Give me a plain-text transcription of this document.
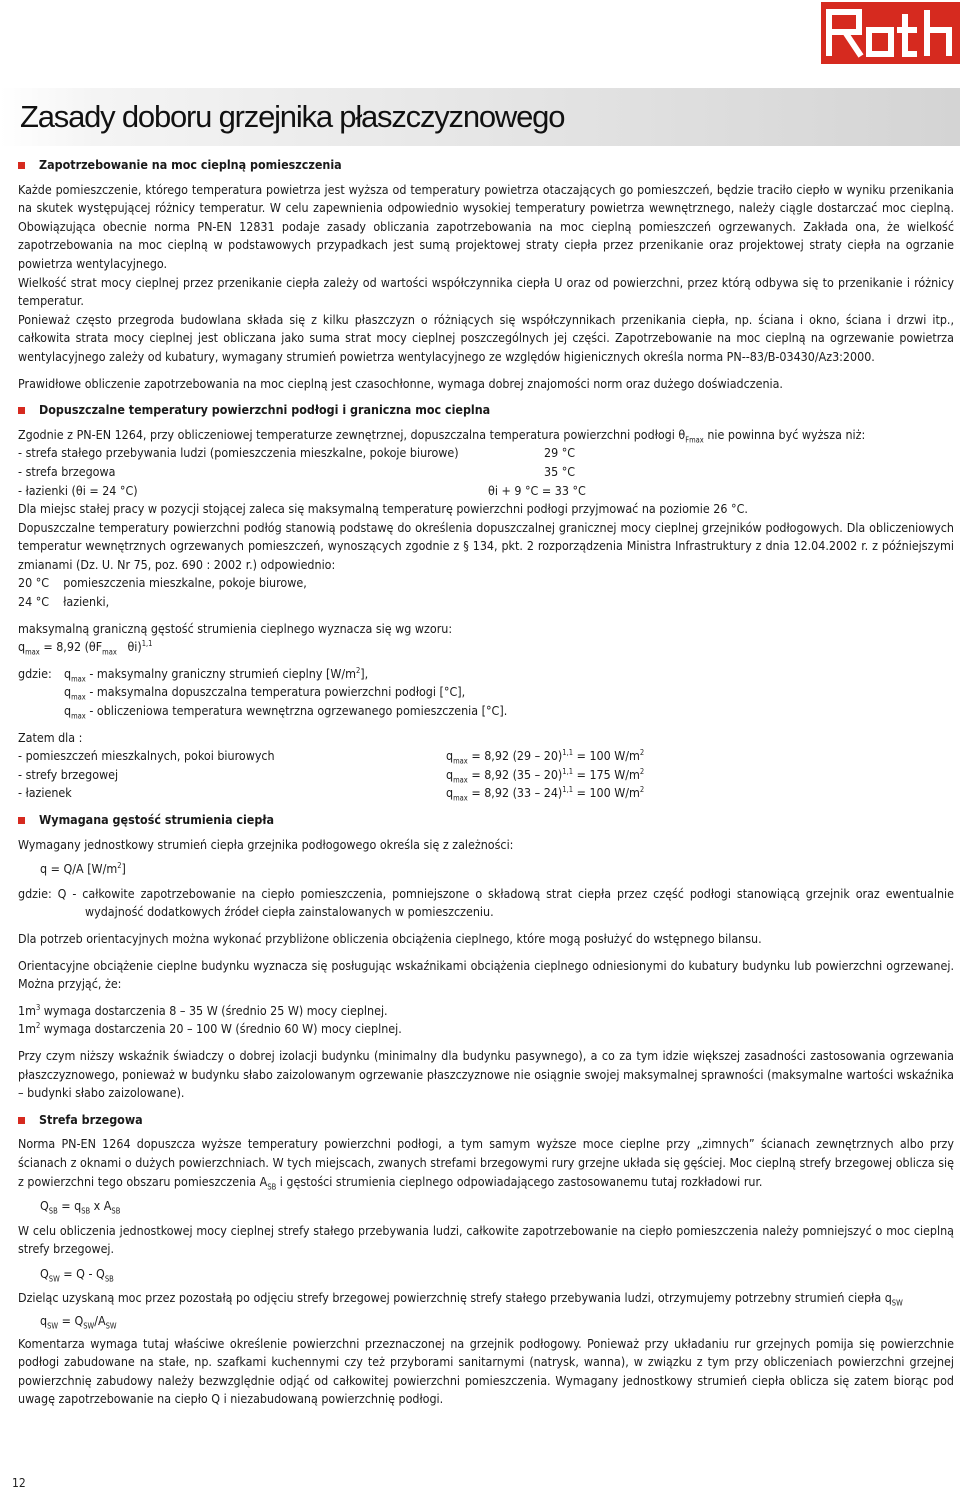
Zasady doboru grzejnika płaszczyznowego
Zapotrzebowanie na moc cieplną pomieszczenia

Każde pomieszczenie, którego temperatura powietrza jest wyższa od temperatury powietrza otaczających go pomieszczeń, będzie traciło ciepło w wyniku przenikania na skutek występującej różnicy temperatur. W celu zapewnienia odpowiednio wysokiej temperatury powietrza wewnętrznego, należy ciągle dostarczać moc cieplną. Obowiązująca obecnie norma PN-EN 12831 podaje zasady obliczania zapotrzebowania na moc cieplną pomieszczeń ogrzewanych. Zakłada ona, że wielkość zapotrzebowania na moc cieplną w podstawowych przypadkach jest sumą projektowej straty ciepła przez przenikanie oraz projektowej straty ciepła na ogrzanie powietrza wentylacyjnego.

Wielkość strat mocy cieplnej przez przenikanie ciepła zależy od wartości współczynnika ciepła U oraz od powierzchni, przez którą odbywa się to przenikanie i różnicy temperatur.

Ponieważ często przegroda budowlana składa się z kilku płaszczyzn o różniących się współczynnikach przenikania ciepła, np. ściana i okno, ściana i drzwi itp., całkowita strata mocy cieplnej jest obliczana jako suma strat mocy cieplnej poszczególnych jej części. Zapotrzebowanie na moc cieplną na ogrzewanie powietrza wentylacyjnego zależy od kubatury, wymagany strumień powietrza wentylacyjnego ze względów higienicznych określa norma PN--83/B-03430/Az3:2000.

Prawidłowe obliczenie zapotrzebowania na moc cieplną jest czasochłonne, wymaga dobrej znajomości norm oraz dużego doświadczenia.

Dopuszczalne temperatury powierzchni podłogi i graniczna moc cieplna

Zgodnie z PN-EN 1264, przy obliczeniowej temperaturze zewnętrznej, dopuszczalna temperatura powierzchni podłogi $\theta_{Fmax}$ nie powinna być wyższa niż:

- strefa stałego przebywania ludzi (pomieszczenia mieszkalne, pokoje biurowe)	29 °C
- strefa brzegowa	35 °C
- łazienki (θi = 24 °C)	θi + 9 °C = 33 °C

Dla miejsc stałej pracy w pozycji stojącej zaleca się maksymalną temperaturę powierzchni podłogi przyjmować na poziomie 26 °C.

Dopuszczalne temperatury powierzchni podłóg stanowią podstawę do określenia dopuszczalnej granicznej mocy cieplnej grzejników podłogowych. Dla obliczeniowych temperatur wewnętrznych ogrzewanych pomieszczeń, wynoszących zgodnie z § 134, pkt. 2 rozporządzenia Ministra Infrastruktury z dnia 12.04.2002 r. z późniejszymi zmianami (Dz. U. Nr 75, poz. 690 : 2002 r.) odpowiednio:

20 °C    pomieszczenia mieszkalne, pokoje biurowe,

24 °C    łazienki,

maksymalną graniczną gęstość strumienia cieplnego wyznacza się wg wzoru:

$q_{max} = 8,92$ ($\theta F_{max}$   θi)$^{1,1}$

gdzie: $q_{max}$ - maksymalny graniczny strumień cieplny $[W/m^2]$,
$q_{max}$ - maksymalna dopuszczalna temperatura powierzchni podłogi [°C],
$q_{max}$ - obliczeniowa temperatura wewnętrzna ogrzewanego pomieszczenia [°C].

Zatem dla :

- pomieszczeń mieszkalnych, pokoi biurowych	$q_{max} = 8,92$ (29 – 20)$^{1,1}$ = 100 $W/m^2$
- strefy brzegowej	$q_{max} = 8,92$ (35 – 20)$^{1,1}$ = 175 $W/m^2$
- łazienek	$q_{max} = 8,92$ (33 – 24)$^{1,1}$ = 100 $W/m^2$
Wymagana gęstość strumienia ciepła

Wymagany jednostkowy strumień ciepła grzejnika podłogowego określa się z zależności:

q = Q/A $[W/m^2]$

gdzie: Q - całkowite zapotrzebowanie na ciepło pomieszczenia, pomniejszone o składową strat ciepła przez część podłogi stanowiącą grzejnik oraz ewentualnie wydajność dodatkowych źródeł ciepła zainstalowanych w pomieszczeniu.

Dla potrzeb orientacyjnych można wykonać przybliżone obliczenia obciążenia cieplnego, które mogą posłużyć do wstępnego bilansu.

Orientacyjne obciążenie cieplne budynku wyznacza się posługując wskaźnikami obciążenia cieplnego odniesionymi do kubatury budynku lub powierzchni ogrzewanej. Można przyjąć, że:

$1m^3$ wymaga dostarczenia 8 – 35 W (średnio 25 W) mocy cieplnej.

$1m^2$ wymaga dostarczenia 20 – 100 W (średnio 60 W) mocy cieplnej.

Przy czym niższy wskaźnik świadczy o dobrej izolacji budynku (minimalny dla budynku pasywnego), a co za tym idzie większej zasadności zastosowania ogrzewania płaszczyznowego, ponieważ w budynku słabo zaizolowanym ogrzewanie płaszczyznowe nie osiągnie swojej maksymalnej sprawności (maksymalne wartości wskaźnika – budynki słabo zaizolowane).

Strefa brzegowa

Norma PN-EN 1264 dopuszcza wyższe temperatury powierzchni podłogi, a tym samym wyższe moce cieplne przy „zimnych” ścianach zewnętrznych albo przy ścianach z oknami o dużych powierzchniach. W tych miejscach, zwanych strefami brzegowymi rury grzejne układa się gęściej. Moc cieplną strefy brzegowej oblicza się z powierzchni tego obszaru pomieszczenia $A_{SB}$ i gęstości strumienia cieplnego odpowiadającego zastosowanemu tutaj rozkładowi rur.

$Q_{SB} = q_{SB}$ x $A_{SB}$

W celu obliczenia jednostkowej mocy cieplnej strefy stałego przebywania ludzi, całkowite zapotrzebowanie na ciepło pomieszczenia należy pomniejszyć o moc cieplną strefy brzegowej.

$Q_{SW} = Q - Q_{SB}$

Dzieląc uzyskaną moc przez pozostałą po odjęciu strefy brzegowej powierzchnię strefy stałego przebywania ludzi, otrzymujemy potrzebny strumień ciepła $q_{SW}$

$q_{SW} = Q_{SW}/A_{SW}$

Komentarza wymaga tutaj właściwe określenie powierzchni przeznaczonej na grzejnik podłogowy. Ponieważ przy układaniu rur grzejnych pomija się powierzchnie podłogi zabudowane na stałe, np. szafkami kuchennymi czy też przyborami sanitarnymi (natrysk, wanna), w związku z tym przy obliczeniach powierzchni grzejnej powierzchnię zabudowy należy bezwzględnie odjąć od całkowitej powierzchni pomieszczenia. Wymagany jednostkowy strumień ciepła oblicza się zatem biorąc pod uwagę zapotrzebowanie na ciepło Q i niezabudowaną powierzchnię podłogi.

12
